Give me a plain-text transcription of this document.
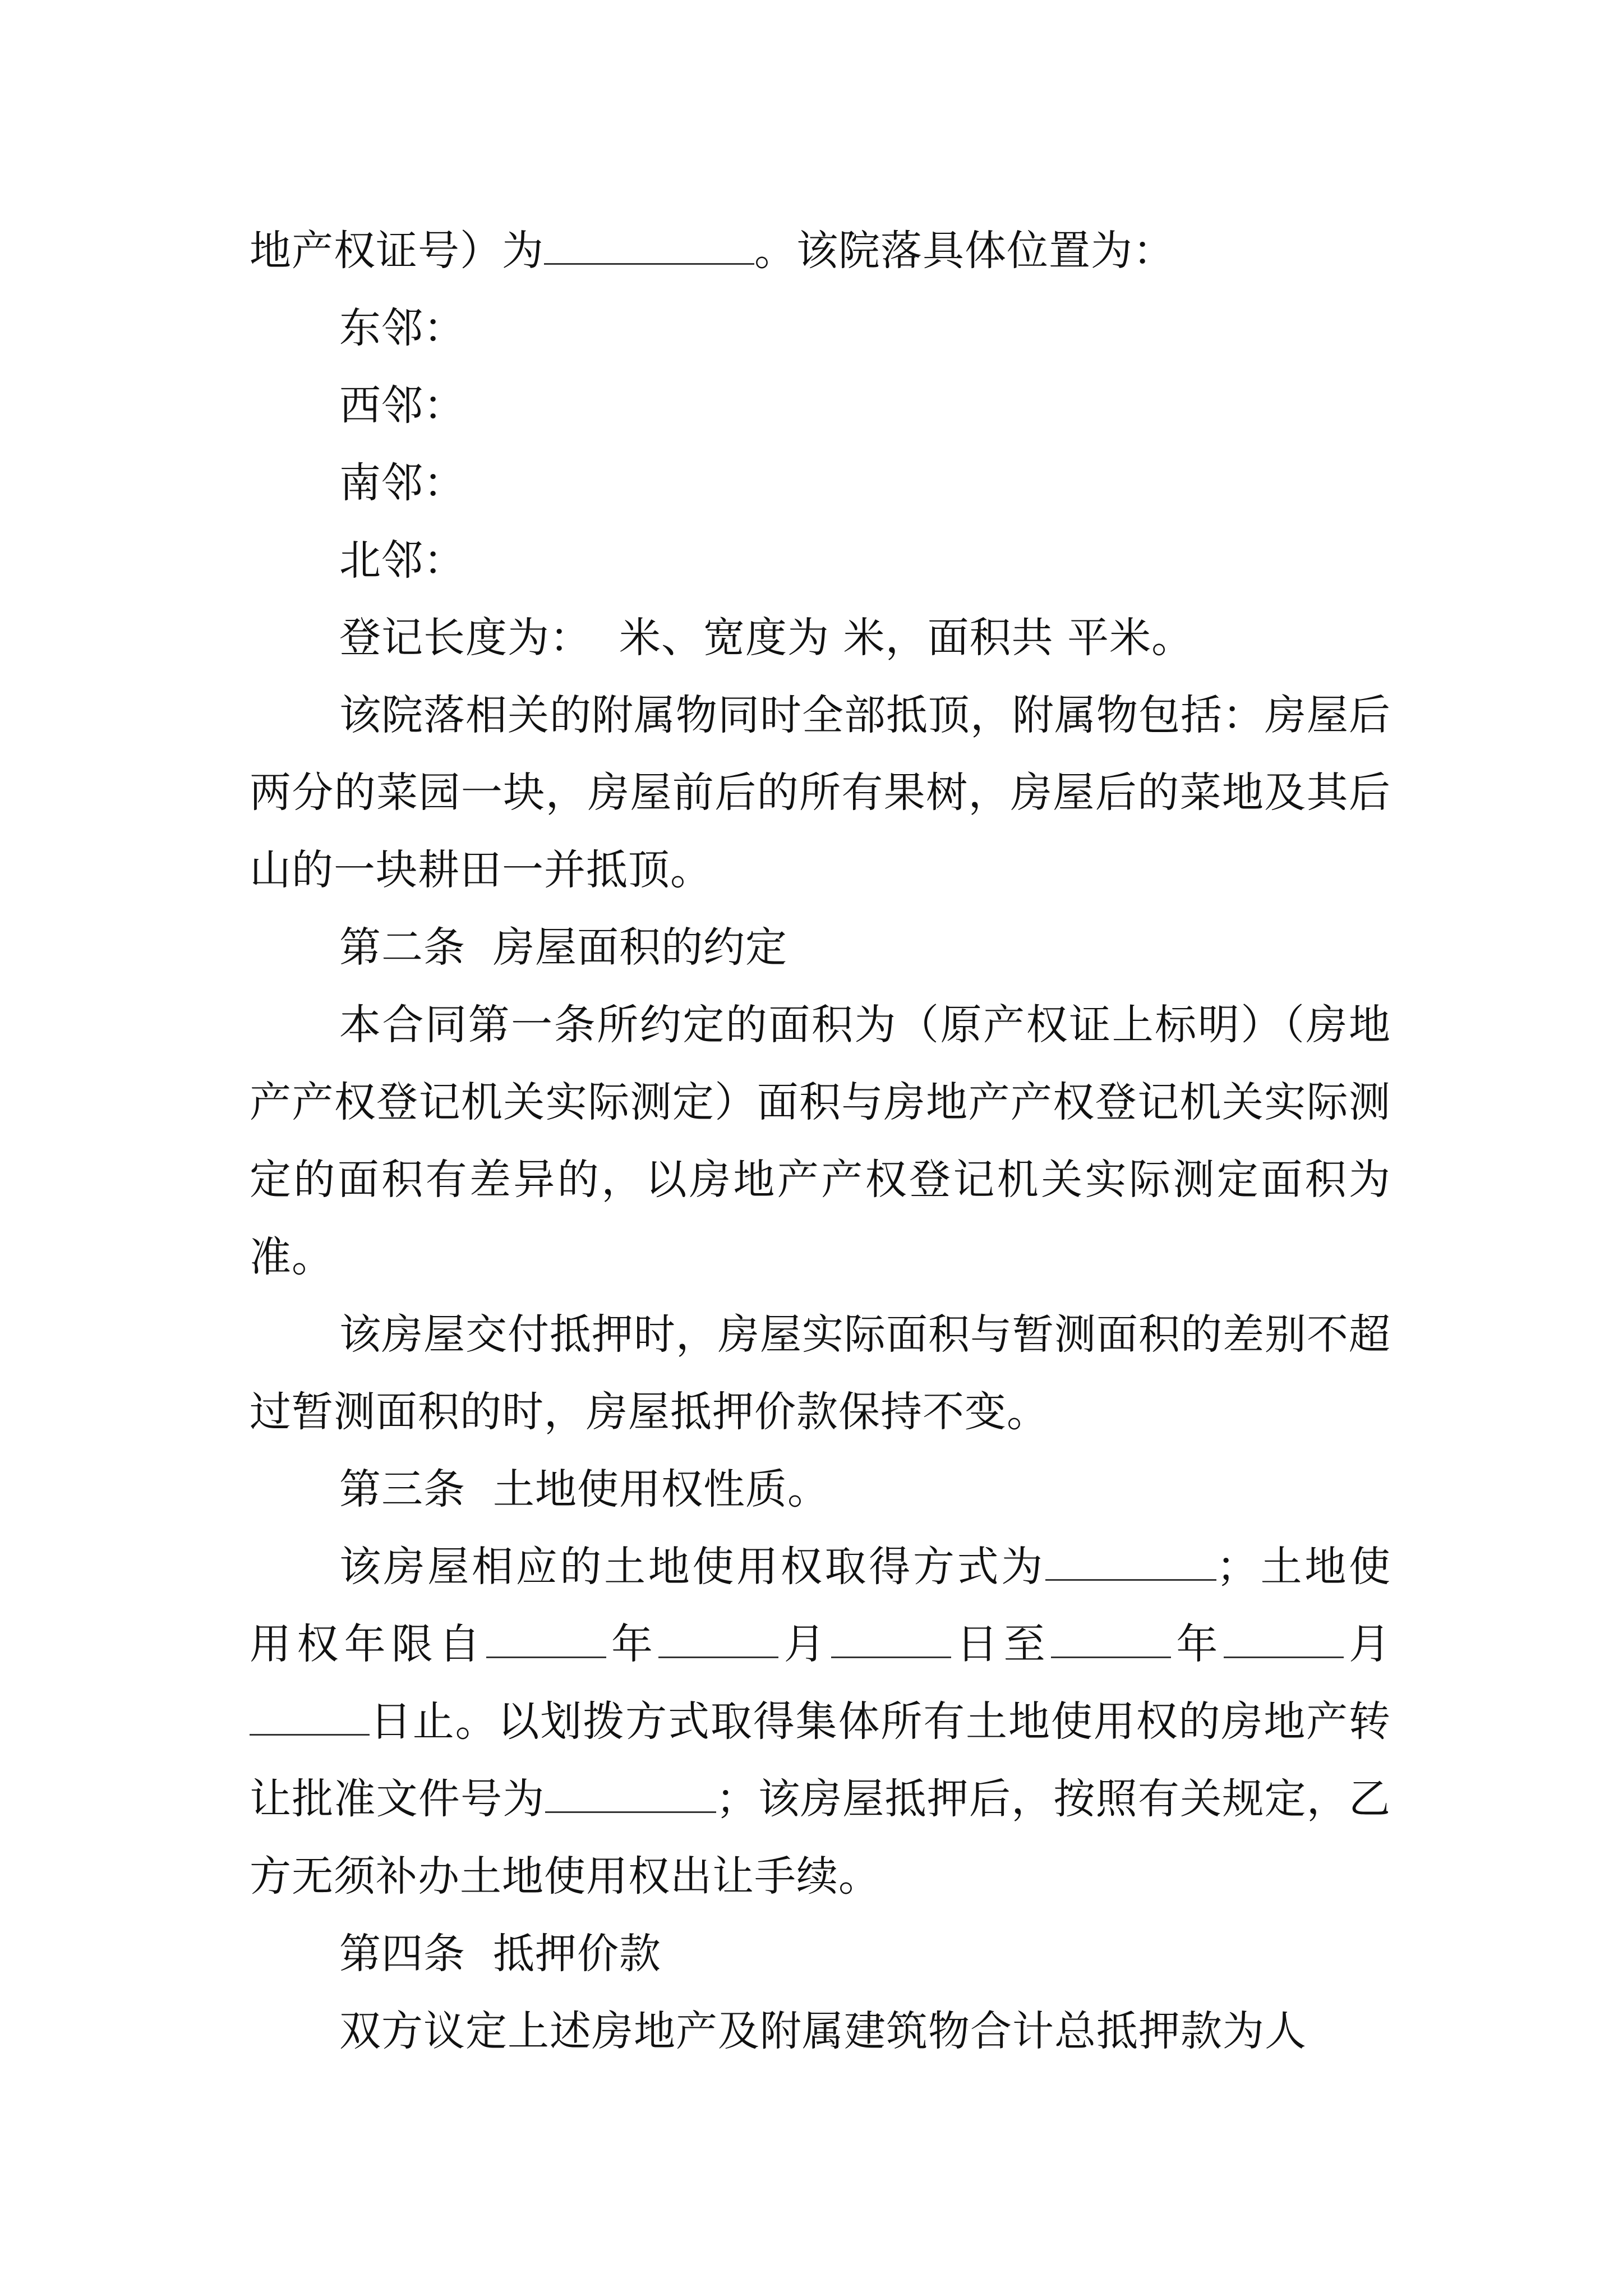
地产权证号）为	。该院落具体位置为：

东邻：

西邻：

南邻：

北邻：

登记长度为：  米、宽度为 米，面积共 平米。

该院落相关的附属物同时全部抵顶，附属物包括：房屋后两分的菜园一块，房屋前后的所有果树，房屋后的菜地及其后山的一块耕田一并抵顶。

第二条  房屋面积的约定

本合同第一条所约定的面积为（原产权证上标明）（房地产产权登记机关实际测定）面积与房地产产权登记机关实际测定的面积有差异的，以房地产产权登记机关实际测定面积为准。

该房屋交付抵押时，房屋实际面积与暂测面积的差别不超过暂测面积的时，房屋抵押价款保持不变。

第三条  土地使用权性质。

该房屋相应的土地使用权取得方式为	；土地使用权年限自	年	月	日至	年	月日止。以划拨方式取得集体所有土地使用权的房地产转让批准文件号为	；该房屋抵押后，按照有关规定，乙方无须补办土地使用权出让手续。

第四条  抵押价款

双方议定上述房地产及附属建筑物合计总抵押款为人
